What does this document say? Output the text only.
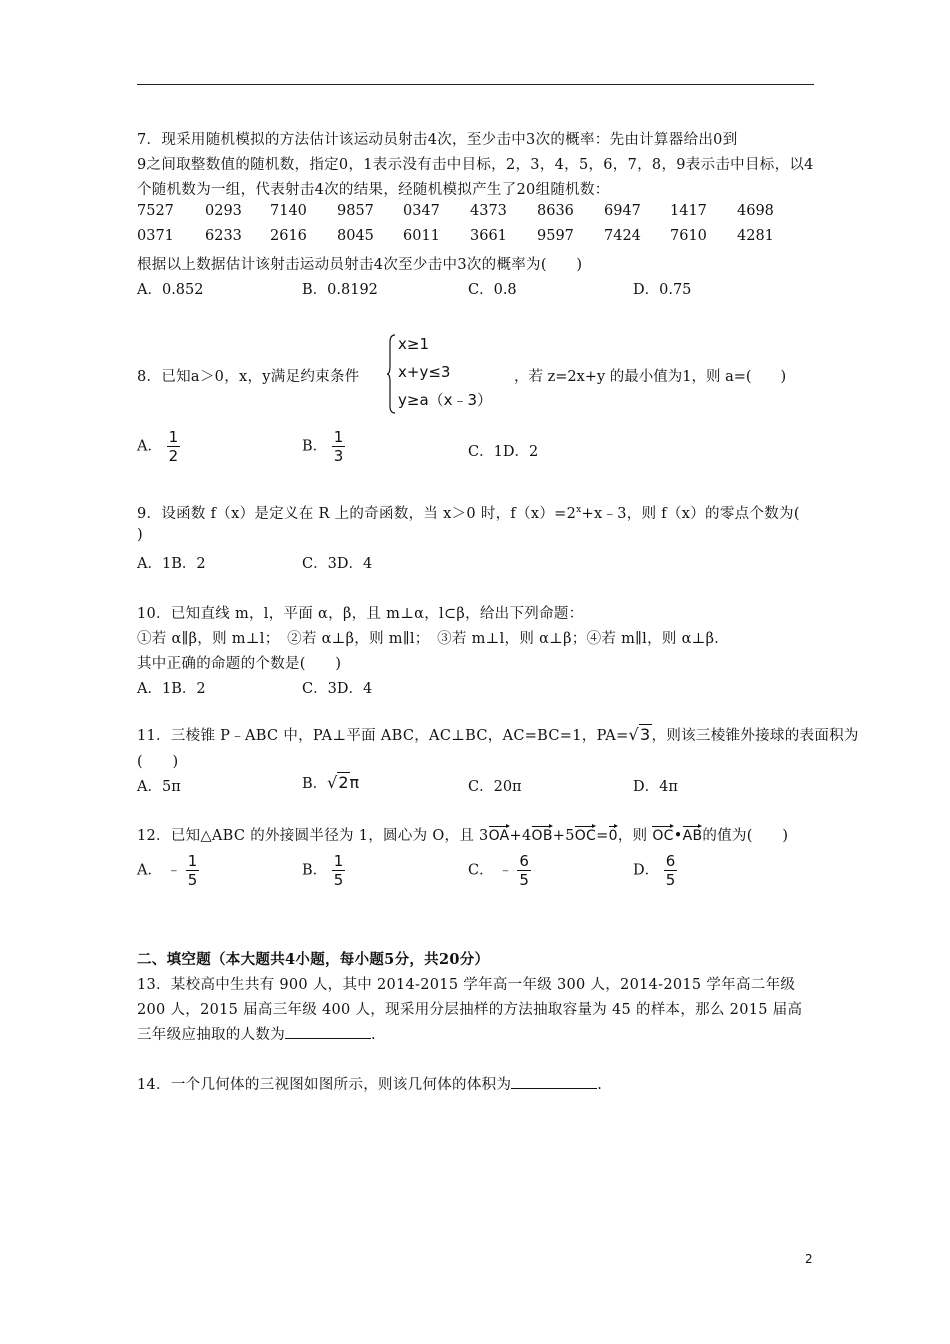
7．现采用随机模拟的方法估计该运动员射击4次，至少击中3次的概率：先由计算器给出0到
9之间取整数值的随机数，指定0，1表示没有击中目标，2，3，4，5，6，7，8，9表示击中目标，以4
个随机数为一组，代表射击4次的结果，经随机模拟产生了20组随机数：
7527 0293 7140 9857 0347 4373 8636 6947 1417 4698
0371 6233 2616 8045 6011 3661 9597 7424 7610 4281
根据以上数据估计该射击运动员射击4次至少击中3次的概率为(　　)
A．0.852	B．0.8192	C．0.8	D．0.75
8．已知a＞0，x，y满足约束条件
x≥1
x+y≤3
y≥a（x﹣3）
，若 z=2x+y 的最小值为1，则 a=(　　)
A． $\frac{1}{2}$	B． $\frac{1}{3}$	C．1D．2
9．设函数 f（x）是定义在 R 上的奇函数，当 x＞0 时，$f(x)=2^x+x﹣3$，则 f（x）的零点个数为(
)
A．1B．2	C．3D．4
10．已知直线 m，l，平面 α，β，且 m⊥α，l⊂β，给出下列命题：
①若 α∥β，则 m⊥l；　②若 α⊥β，则 m∥l；　③若 m⊥l，则 α⊥β；④若 m∥l，则 α⊥β．
其中正确的命题的个数是(　　)
A．1B．2	C．3D．4
11．三棱锥 P﹣ABC 中，PA⊥平面 ABC，AC⊥BC，AC=BC=1，PA=√3，则该三棱锥外接球的表面积为
(　　)
A．5π	B．√2π	C．20π	D．4π
12．已知△ABC 的外接圆半径为 1，圆心为 O，且 3OA+4OB+5OC=0，则 OC•AB的值为(　　)
A． ﹣ $\frac{1}{5}$	B． $\frac{1}{5}$	C． ﹣ $\frac{6}{5}$	D． $\frac{6}{5}$
二、填空题（本大题共4小题，每小题5分，共20分）
13．某校高中生共有 900 人，其中 2014-2015 学年高一年级 300 人，2014-2015 学年高二年级
200 人，2015 届高三年级 400 人，现采用分层抽样的方法抽取容量为 45 的样本，那么 2015 届高
三年级应抽取的人数为	.
14．一个几何体的三视图如图所示，则该几何体的体积为	.
2
